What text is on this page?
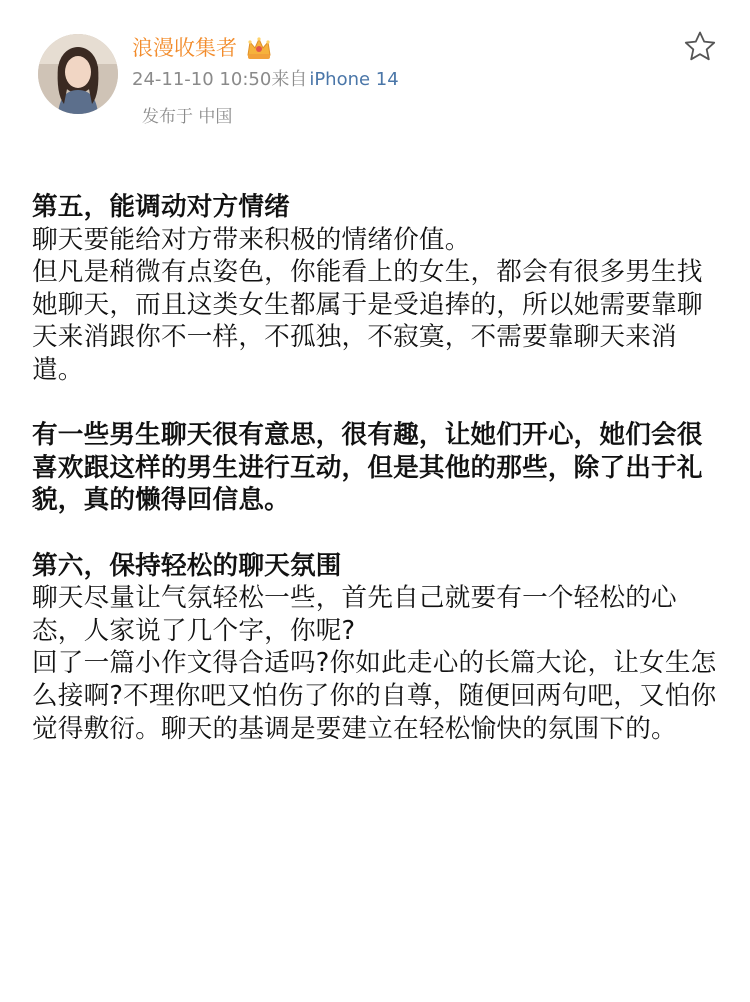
浪漫收集者
24-11-10 10:50来自 iPhone 14
发布于 中国

第五，能调动对方情绪

聊天要能给对方带来积极的情绪价值。

但凡是稍微有点姿色，你能看上的女生，都会有很多男生找她聊天，而且这类女生都属于是受追捧的，所以她需要靠聊天来消跟你不一样，不孤独，不寂寞，不需要靠聊天来消遣。

有一些男生聊天很有意思，很有趣，让她们开心，她们会很喜欢跟这样的男生进行互动，但是其他的那些，除了出于礼貌，真的懒得回信息。

第六，保持轻松的聊天氛围

聊天尽量让气氛轻松一些，首先自己就要有一个轻松的心态，人家说了几个字，你呢?

回了一篇小作文得合适吗?你如此走心的长篇大论，让女生怎么接啊?不理你吧又怕伤了你的自尊，随便回两句吧，又怕你觉得敷衍。聊天的基调是要建立在轻松愉快的氛围下的。
